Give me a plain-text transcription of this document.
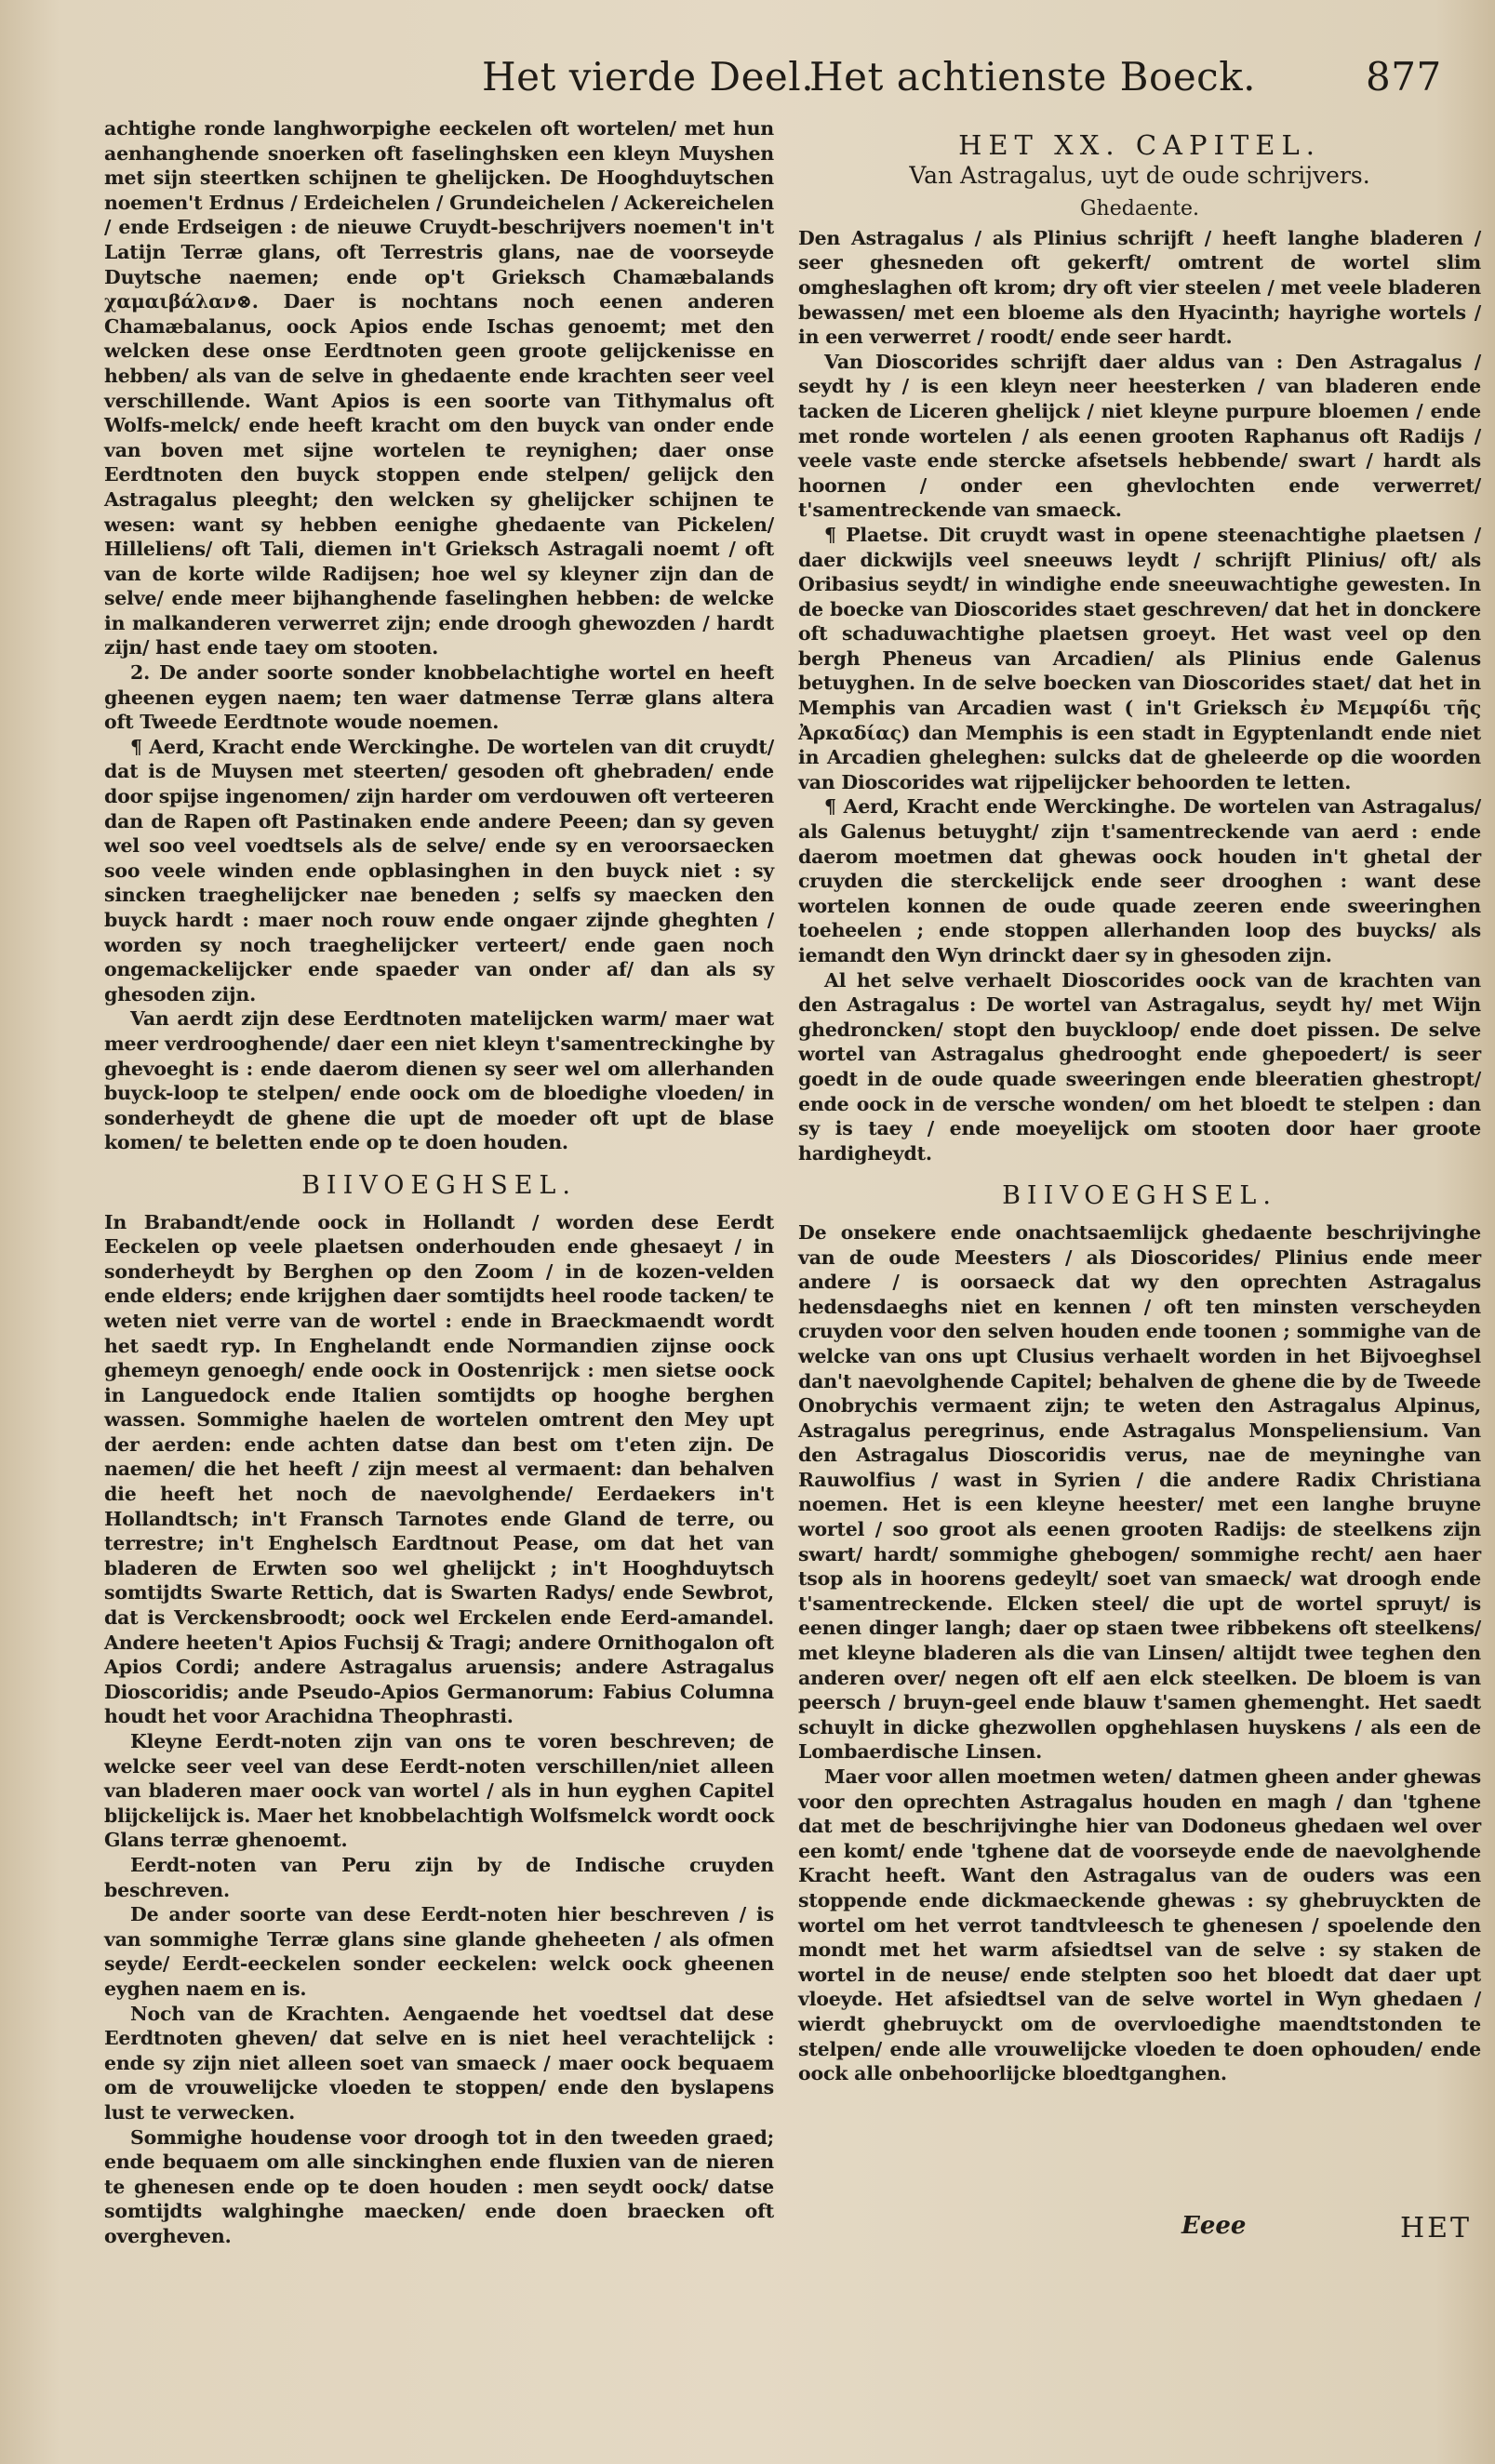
Het vierde Deel.
Het achtienste Boeck.	877

achtighe ronde langhworpighe eeckelen oft wortelen/ met hun aenhanghende snoerken oft faselinghsken een kleyn Muyshen met sijn steertken schijnen te ghelijcken. De Hooghduytschen noemen't Erdnus / Erdeichelen / Grundeichelen / Ackereichelen / ende Erdseigen : de nieuwe Cruydt-beschrijvers noemen't in't Latijn Terræ glans, oft Terrestris glans, nae de voorseyde Duytsche naemen; ende op't Grieksch Chamæbalands χαμαιβάλαν⊗. Daer is nochtans noch eenen anderen Chamæbalanus, oock Apios ende Ischas genoemt; met den welcken dese onse Eerdtnoten geen groote gelijckenisse en hebben/ als van de selve in ghedaente ende krachten seer veel verschillende. Want Apios is een soorte van Tithymalus oft Wolfs-melck/ ende heeft kracht om den buyck van onder ende van boven met sijne wortelen te reynighen; daer onse Eerdtnoten den buyck stoppen ende stelpen/ gelijck den Astragalus pleeght; den welcken sy ghelijcker schijnen te wesen: want sy hebben eenighe ghedaente van Pickelen/ Hilleliens/ oft Tali, diemen in't Grieksch Astragali noemt / oft van de korte wilde Radijsen; hoe wel sy kleyner zijn dan de selve/ ende meer bijhanghende faselinghen hebben: de welcke in malkanderen verwerret zijn; ende droogh ghewozden / hardt zijn/ hast ende taey om stooten.

2. De ander soorte sonder knobbelachtighe wortel en heeft gheenen eygen naem; ten waer datmense Terræ glans altera oft Tweede Eerdtnote woude noemen.

¶ Aerd, Kracht ende Werckinghe. De wortelen van dit cruydt/ dat is de Muysen met steerten/ gesoden oft ghebraden/ ende door spijse ingenomen/ zijn harder om verdouwen oft verteeren dan de Rapen oft Pastinaken ende andere Peeen; dan sy geven wel soo veel voedtsels als de selve/ ende sy en veroorsaecken soo veele winden ende opblasinghen in den buyck niet : sy sincken traeghelijcker nae beneden ; selfs sy maecken den buyck hardt : maer noch rouw ende ongaer zijnde gheghten / worden sy noch traeghelijcker verteert/ ende gaen noch ongemackelijcker ende spaeder van onder af/ dan als sy ghesoden zijn.

Van aerdt zijn dese Eerdtnoten matelijcken warm/ maer wat meer verdrooghende/ daer een niet kleyn t'samentreckinghe by ghevoeght is : ende daerom dienen sy seer wel om allerhanden buyck-loop te stelpen/ ende oock om de bloedighe vloeden/ in sonderheydt de ghene die upt de moeder oft upt de blase komen/ te beletten ende op te doen houden.

BIIVOEGHSEL.

In Brabandt/ende oock in Hollandt / worden dese Eerdt Eeckelen op veele plaetsen onderhouden ende ghesaeyt / in sonderheydt by Berghen op den Zoom / in de kozen-velden ende elders; ende krijghen daer somtijdts heel roode tacken/ te weten niet verre van de wortel : ende in Braeckmaendt wordt het saedt ryp. In Enghelandt ende Normandien zijnse oock ghemeyn genoegh/ ende oock in Oostenrijck : men sietse oock in Languedock ende Italien somtijdts op hooghe berghen wassen. Sommighe haelen de wortelen omtrent den Mey upt der aerden: ende achten datse dan best om t'eten zijn. De naemen/ die het heeft / zijn meest al vermaent: dan behalven die heeft het noch de naevolghende/ Eerdaekers in't Hollandtsch; in't Fransch Tarnotes ende Gland de terre, ou terrestre; in't Enghelsch Eardtnout Pease, om dat het van bladeren de Erwten soo wel ghelijckt ; in't Hooghduytsch somtijdts Swarte Rettich, dat is Swarten Radys/ ende Sewbrot, dat is Verckensbroodt; oock wel Erckelen ende Eerd-amandel. Andere heeten't Apios Fuchsij & Tragi; andere Ornithogalon oft Apios Cordi; andere Astragalus aruensis; andere Astragalus Dioscoridis; ande Pseudo-Apios Germanorum: Fabius Columna houdt het voor Arachidna Theophrasti.

Kleyne Eerdt-noten zijn van ons te voren beschreven; de welcke seer veel van dese Eerdt-noten verschillen/niet alleen van bladeren maer oock van wortel / als in hun eyghen Capitel blijckelijck is. Maer het knobbelachtigh Wolfsmelck wordt oock Glans terræ ghenoemt.

Eerdt-noten van Peru zijn by de Indische cruyden beschreven.

De ander soorte van dese Eerdt-noten hier beschreven / is van sommighe Terræ glans sine glande gheheeten / als ofmen seyde/ Eerdt-eeckelen sonder eeckelen: welck oock gheenen eyghen naem en is.

Noch van de Krachten. Aengaende het voedtsel dat dese Eerdtnoten gheven/ dat selve en is niet heel verachtelijck : ende sy zijn niet alleen soet van smaeck / maer oock bequaem om de vrouwelijcke vloeden te stoppen/ ende den byslapens lust te verwecken.

Sommighe houdense voor droogh tot in den tweeden graed; ende bequaem om alle sinckinghen ende fluxien van de nieren te ghenesen ende op te doen houden : men seydt oock/ datse somtijdts walghinghe maecken/ ende doen braecken oft overgheven.

HET XX. CAPITEL.
Van Astragalus, uyt de oude schrijvers.
Ghedaente.

Den Astragalus / als Plinius schrijft / heeft langhe bladeren / seer ghesneden oft gekerft/ omtrent de wortel slim omgheslaghen oft krom; dry oft vier steelen / met veele bladeren bewassen/ met een bloeme als den Hyacinth; hayrighe wortels / in een verwerret / roodt/ ende seer hardt.

Van Dioscorides schrijft daer aldus van : Den Astragalus / seydt hy / is een kleyn neer heesterken / van bladeren ende tacken de Liceren ghelijck / niet kleyne purpure bloemen / ende met ronde wortelen / als eenen grooten Raphanus oft Radijs / veele vaste ende stercke afsetsels hebbende/ swart / hardt als hoornen / onder een ghevlochten ende verwerret/ t'samentreckende van smaeck.

¶ Plaetse. Dit cruydt wast in opene steenachtighe plaetsen / daer dickwijls veel sneeuws leydt / schrijft Plinius/ oft/ als Oribasius seydt/ in windighe ende sneeuwachtighe gewesten. In de boecke van Dioscorides staet geschreven/ dat het in donckere oft schaduwachtighe plaetsen groeyt. Het wast veel op den bergh Pheneus van Arcadien/ als Plinius ende Galenus betuyghen. In de selve boecken van Dioscorides staet/ dat het in Memphis van Arcadien wast ( in't Grieksch ἐν Μεμφίδι τῆς Ἀρκαδίας) dan Memphis is een stadt in Egyptenlandt ende niet in Arcadien gheleghen: sulcks dat de gheleerde op die woorden van Dioscorides wat rijpelijcker behoorden te letten.

¶ Aerd, Kracht ende Werckinghe. De wortelen van Astragalus/ als Galenus betuyght/ zijn t'samentreckende van aerd : ende daerom moetmen dat ghewas oock houden in't ghetal der cruyden die sterckelijck ende seer drooghen : want dese wortelen konnen de oude quade zeeren ende sweeringhen toeheelen ; ende stoppen allerhanden loop des buycks/ als iemandt den Wyn drinckt daer sy in ghesoden zijn.

Al het selve verhaelt Dioscorides oock van de krachten van den Astragalus : De wortel van Astragalus, seydt hy/ met Wijn ghedroncken/ stopt den buyckloop/ ende doet pissen. De selve wortel van Astragalus ghedrooght ende ghepoedert/ is seer goedt in de oude quade sweeringen ende bleeratien ghestropt/ ende oock in de versche wonden/ om het bloedt te stelpen : dan sy is taey / ende moeyelijck om stooten door haer groote hardigheydt.

BIIVOEGHSEL.

De onsekere ende onachtsaemlijck ghedaente beschrijvinghe van de oude Meesters / als Dioscorides/ Plinius ende meer andere / is oorsaeck dat wy den oprechten Astragalus hedensdaeghs niet en kennen / oft ten minsten verscheyden cruyden voor den selven houden ende toonen ; sommighe van de welcke van ons upt Clusius verhaelt worden in het Bijvoeghsel dan't naevolghende Capitel; behalven de ghene die by de Tweede Onobrychis vermaent zijn; te weten den Astragalus Alpinus, Astragalus peregrinus, ende Astragalus Monspeliensium. Van den Astragalus Dioscoridis verus, nae de meyninghe van Rauwolfius / wast in Syrien / die andere Radix Christiana noemen. Het is een kleyne heester/ met een langhe bruyne wortel / soo groot als eenen grooten Radijs: de steelkens zijn swart/ hardt/ sommighe ghebogen/ sommighe recht/ aen haer tsop als in hoorens gedeylt/ soet van smaeck/ wat droogh ende t'samentreckende. Elcken steel/ die upt de wortel spruyt/ is eenen dinger langh; daer op staen twee ribbekens oft steelkens/ met kleyne bladeren als die van Linsen/ altijdt twee teghen den anderen over/ negen oft elf aen elck steelken. De bloem is van peersch / bruyn-geel ende blauw t'samen ghemenght. Het saedt schuylt in dicke ghezwollen opghehlasen huyskens / als een de Lombaerdische Linsen.

Maer voor allen moetmen weten/ datmen gheen ander ghewas voor den oprechten Astragalus houden en magh / dan 'tghene dat met de beschrijvinghe hier van Dodoneus ghedaen wel over een komt/ ende 'tghene dat de voorseyde ende de naevolghende Kracht heeft. Want den Astragalus van de ouders was een stoppende ende dickmaeckende ghewas : sy ghebruyckten de wortel om het verrot tandtvleesch te ghenesen / spoelende den mondt met het warm afsiedtsel van de selve : sy staken de wortel in de neuse/ ende stelpten soo het bloedt dat daer upt vloeyde. Het afsiedtsel van de selve wortel in Wyn ghedaen / wierdt ghebruyckt om de overvloedighe maendtstonden te stelpen/ ende alle vrouwelijcke vloeden te doen ophouden/ ende oock alle onbehoorlijcke bloedtganghen.

Eeee	HET
